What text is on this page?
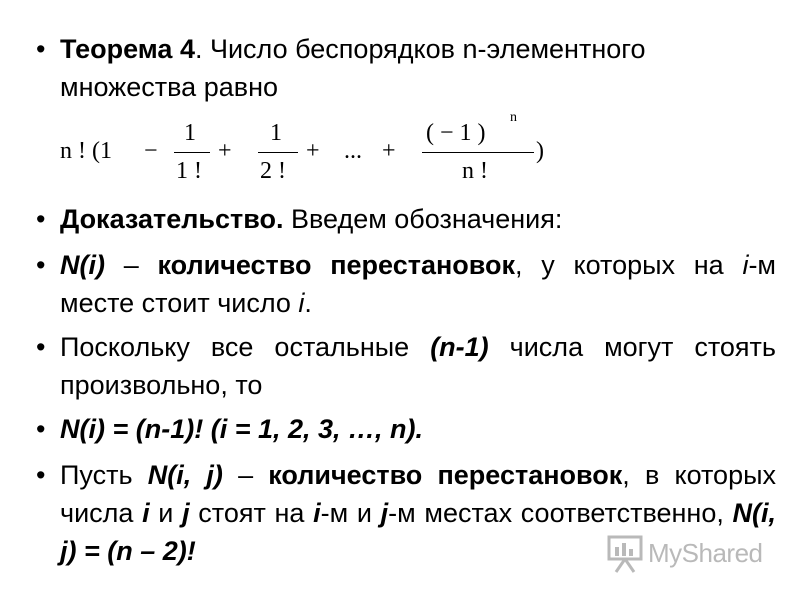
• Теорема 4. Число беспорядков n-элементного множества равно
n ! (1 −
1
1 !
+
1
2 !
+ ... +
( − 1 )
n
n !
)
• Доказательство. Введем обозначения:
• N(i) – количество перестановок, у которых на i-м месте стоит число i.
• Поскольку все остальные (n-1) числа могут стоять произвольно, то
• N(i) = (n-1)! (i = 1, 2, 3, …, n).
• Пусть N(i, j) – количество перестановок, в которых числа i и j стоят на i-м и j-м местах соответственно, N(i, j) = (n – 2)!	MyShared
